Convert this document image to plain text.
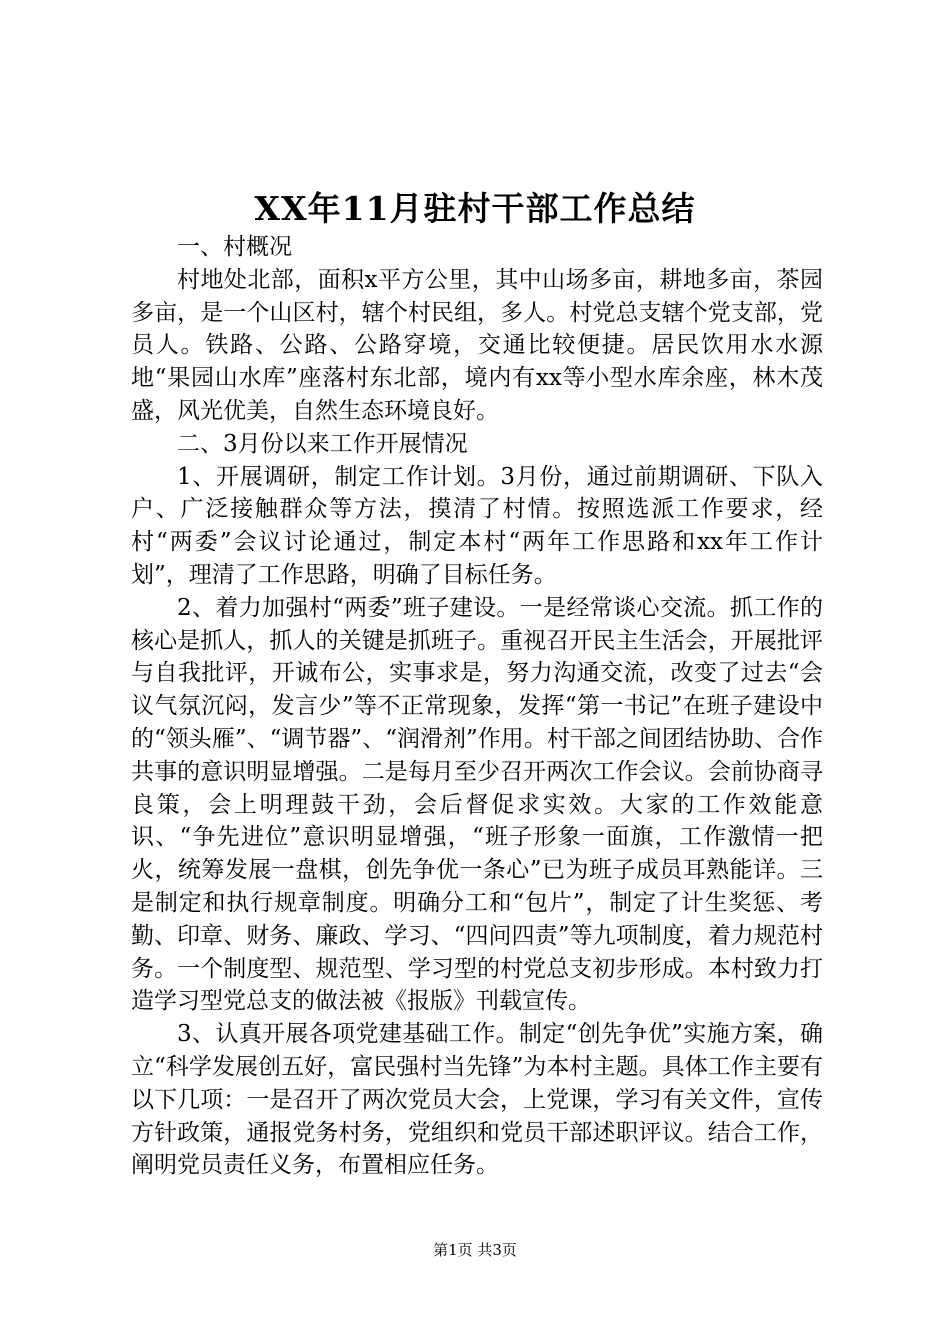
XX年11月驻村干部工作总结

一、村概况

村地处北部，面积x平方公里，其中山场多亩，耕地多亩，茶园多亩，是一个山区村，辖个村民组，多人。村党总支辖个党支部，党员人。铁路、公路、公路穿境，交通比较便捷。居民饮用水水源地“果园山水库”座落村东北部，境内有xx等小型水库余座，林木茂盛，风光优美，自然生态环境良好。

二、3月份以来工作开展情况

1、开展调研，制定工作计划。3月份，通过前期调研、下队入户、广泛接触群众等方法，摸清了村情。按照选派工作要求，经村“两委”会议讨论通过，制定本村“两年工作思路和xx年工作计划”，理清了工作思路，明确了目标任务。

2、着力加强村“两委”班子建设。一是经常谈心交流。抓工作的核心是抓人，抓人的关键是抓班子。重视召开民主生活会，开展批评与自我批评，开诚布公，实事求是，努力沟通交流，改变了过去“会议气氛沉闷，发言少”等不正常现象，发挥“第一书记”在班子建设中的“领头雁”、“调节器”、“润滑剂”作用。村干部之间团结协助、合作共事的意识明显增强。二是每月至少召开两次工作会议。会前协商寻良策，会上明理鼓干劲，会后督促求实效。大家的工作效能意识、“争先进位”意识明显增强，“班子形象一面旗，工作激情一把火，统筹发展一盘棋，创先争优一条心”已为班子成员耳熟能详。三是制定和执行规章制度。明确分工和“包片”，制定了计生奖惩、考勤、印章、财务、廉政、学习、“四问四责”等九项制度，着力规范村务。一个制度型、规范型、学习型的村党总支初步形成。本村致力打造学习型党总支的做法被《报版》刊载宣传。

3、认真开展各项党建基础工作。制定“创先争优”实施方案，确立“科学发展创五好，富民强村当先锋”为本村主题。具体工作主要有以下几项：一是召开了两次党员大会，上党课，学习有关文件，宣传方针政策，通报党务村务，党组织和党员干部述职评议。结合工作，阐明党员责任义务，布置相应任务。

第1页 共3页
